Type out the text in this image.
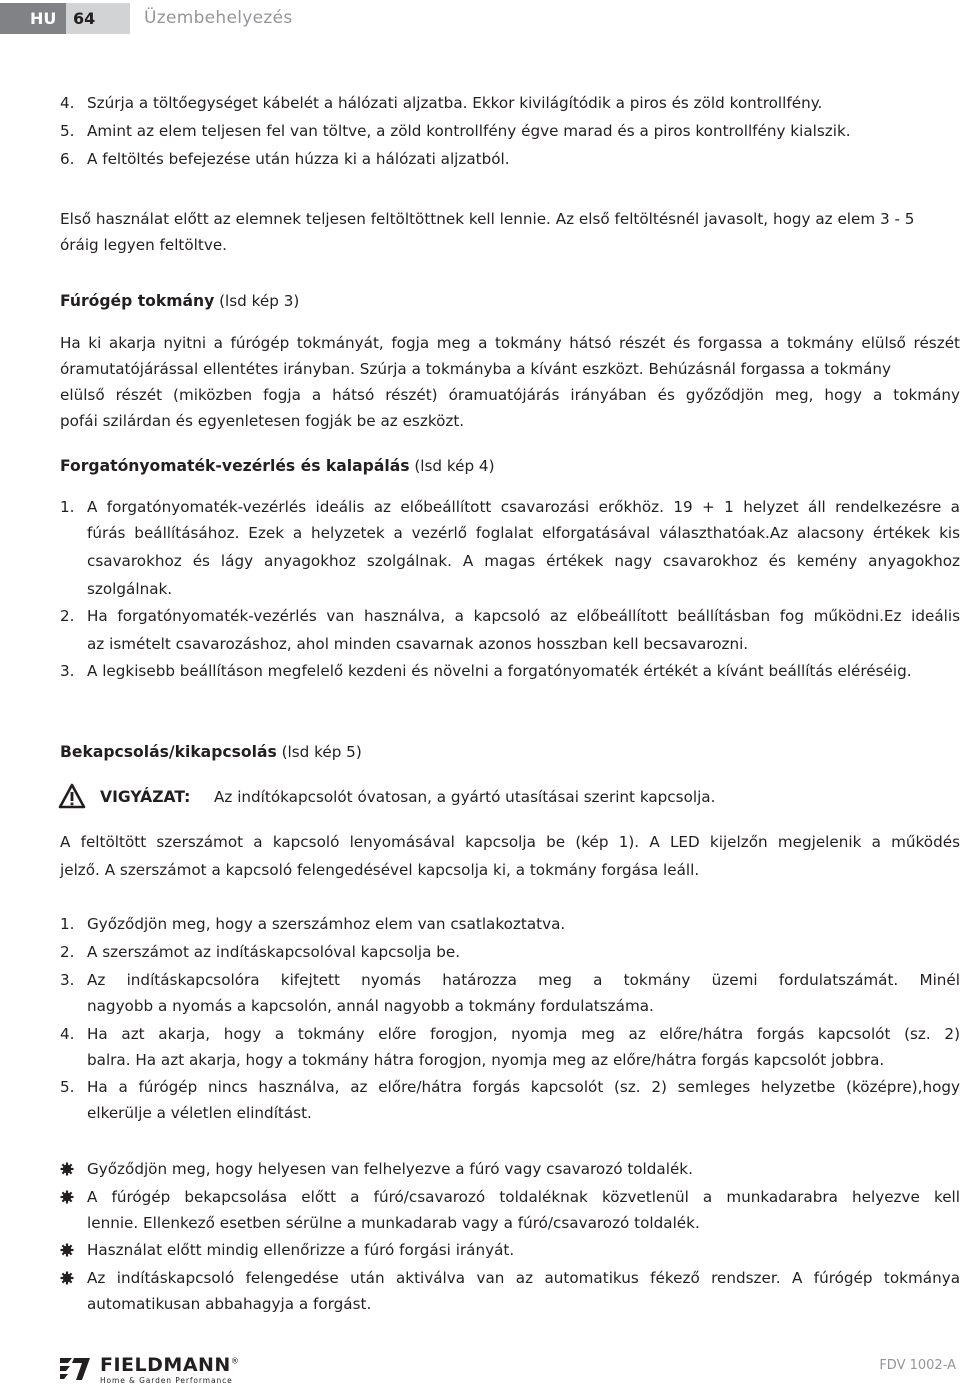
HU 64	Üzembehelyezés
4. Szúrja a töltőegységet kábelét a hálózati aljzatba. Ekkor kivilágítódik a piros és zöld kontrollfény.
5. Amint az elem teljesen fel van töltve, a zöld kontrollfény égve marad és a piros kontrollfény kialszik.
6. A feltöltés befejezése után húzza ki a hálózati aljzatból.
Első használat előtt az elemnek teljesen feltöltöttnek kell lennie. Az első feltöltésnél javasolt, hogy az elem 3 - 5
óráig legyen feltöltve.
Fúrógép tokmány (lsd kép 3)
Ha ki akarja nyitni a fúrógép tokmányát, fogja meg a tokmány hátsó részét és forgassa a tokmány elülső részét
óramutatójárással ellentétes irányban. Szúrja a tokmányba a kívánt eszközt. Behúzásnál forgassa a tokmány
elülső részét (miközben fogja a hátsó részét) óramuatójárás irányában és győződjön meg, hogy a tokmány
pofái szilárdan és egyenletesen fogják be az eszközt.
Forgatónyomaték-vezérlés és kalapálás (lsd kép 4)
1. A forgatónyomaték-vezérlés ideális az előbeállított csavarozási erőkhöz. 19 + 1 helyzet áll rendelkezésre a
fúrás beállításához. Ezek a helyzetek a vezérlő foglalat elforgatásával választhatóak.Az alacsony értékek kis
csavarokhoz és lágy anyagokhoz szolgálnak. A magas értékek nagy csavarokhoz és kemény anyagokhoz
szolgálnak.
2. Ha forgatónyomaték-vezérlés van használva, a kapcsoló az előbeállított beállításban fog működni.Ez ideális
az ismételt csavarozáshoz, ahol minden csavarnak azonos hosszban kell becsavarozni.
3. A legkisebb beállításon megfelelő kezdeni és növelni a forgatónyomaték értékét a kívánt beállítás eléréséig.
Bekapcsolás/kikapcsolás (lsd kép 5)
VIGYÁZAT: Az indítókapcsolót óvatosan, a gyártó utasításai szerint kapcsolja.
A feltöltött szerszámot a kapcsoló lenyomásával kapcsolja be (kép 1). A LED kijelzőn megjelenik a működés
jelző. A szerszámot a kapcsoló felengedésével kapcsolja ki, a tokmány forgása leáll.
1. Győződjön meg, hogy a szerszámhoz elem van csatlakoztatva.
2. A szerszámot az indításkapcsolóval kapcsolja be.
3. Az indításkapcsolóra kifejtett nyomás határozza meg a tokmány üzemi fordulatszámát. Minél
nagyobb a nyomás a kapcsolón, annál nagyobb a tokmány fordulatszáma.
4. Ha azt akarja, hogy a tokmány előre forogjon, nyomja meg az előre/hátra forgás kapcsolót (sz. 2)
balra. Ha azt akarja, hogy a tokmány hátra forogjon, nyomja meg az előre/hátra forgás kapcsolót jobbra.
5. Ha a fúrógép nincs használva, az előre/hátra forgás kapcsolót (sz. 2) semleges helyzetbe (középre),hogy
elkerülje a véletlen elindítást.
Győződjön meg, hogy helyesen van felhelyezve a fúró vagy csavarozó toldalék.
A fúrógép bekapcsolása előtt a fúró/csavarozó toldaléknak közvetlenül a munkadarabra helyezve kell
lennie. Ellenkező esetben sérülne a munkadarab vagy a fúró/csavarozó toldalék.
Használat előtt mindig ellenőrizze a fúró forgási irányát.
Az indításkapcsoló felengedése után aktiválva van az automatikus fékező rendszer. A fúrógép tokmánya
automatikusan abbahagyja a forgást.
FIELDMANN®
Home & Garden Performance
FDV 1002-A
